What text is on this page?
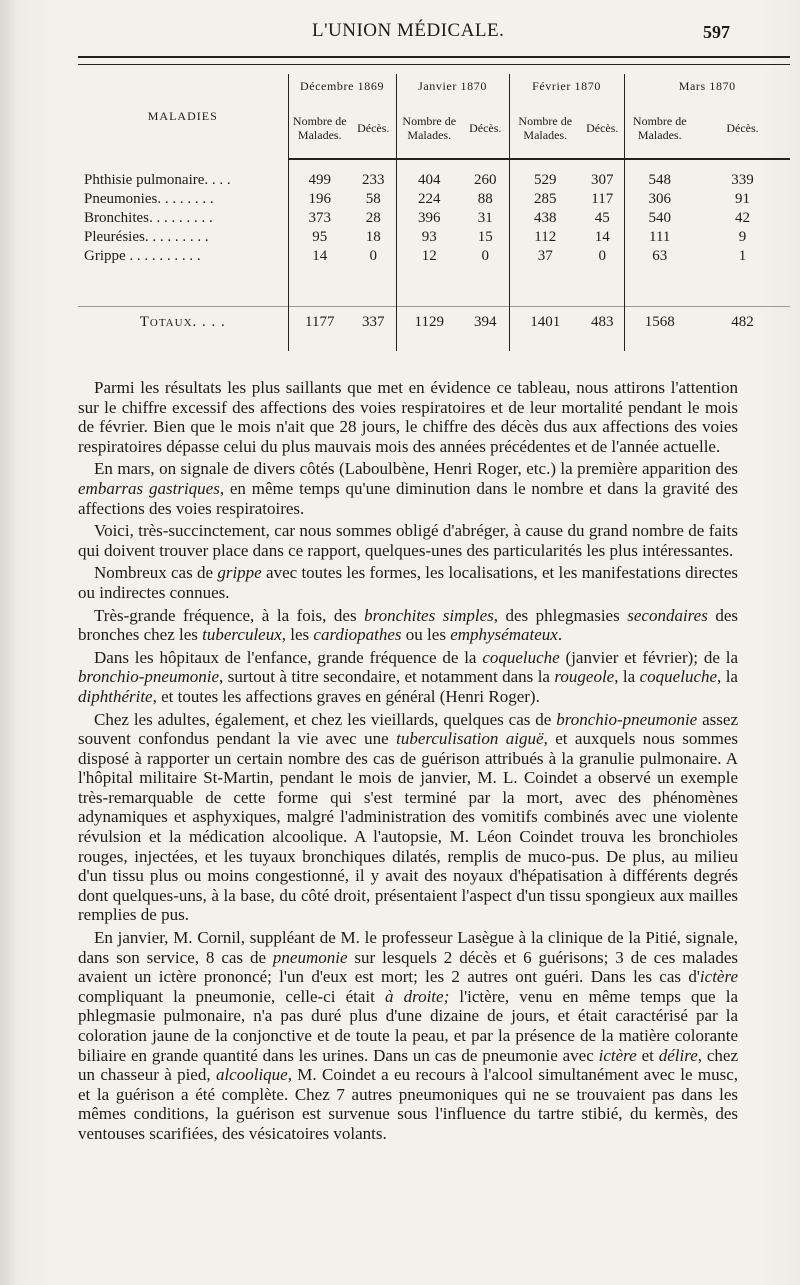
L'UNION MÉDICALE.	597
MALADIES	Décembre 1869		Janvier 1870		Février 1870		Mars 1870	
	Nombre de Malades.	Décès.	Nombre de Malades.	Décès.	Nombre de Malades.	Décès.	Nombre de Malades.	Décès.

Phthisie pulmonaire. . . .	499	233	404	260	529	307	548	339
Pneumonies. . . . . . . .	196	58	224	88	285	117	306	91
Bronchites. . . . . . . . .	373	28	396	31	438	45	540	42
Pleurésies. . . . . . . . .	95	18	93	15	112	14	111	9
Grippe . . . . . . . . . .	14	0	12	0	37	0	63	1

Totaux. . . .	1177	337	1129	394	1401	483	1568	482

Parmi les résultats les plus saillants que met en évidence ce tableau, nous attirons l'attention sur le chiffre excessif des affections des voies respiratoires et de leur mortalité pendant le mois de février. Bien que le mois n'ait que 28 jours, le chiffre des décès dus aux affections des voies respiratoires dépasse celui du plus mauvais mois des années précédentes et de l'année actuelle.

En mars, on signale de divers côtés (Laboulbène, Henri Roger, etc.) la première apparition des embarras gastriques, en même temps qu'une diminution dans le nombre et dans la gravité des affections des voies respiratoires.

Voici, très-succinctement, car nous sommes obligé d'abréger, à cause du grand nombre de faits qui doivent trouver place dans ce rapport, quelques-unes des particularités les plus intéressantes.

Nombreux cas de grippe avec toutes les formes, les localisations, et les manifestations directes ou indirectes connues.

Très-grande fréquence, à la fois, des bronchites simples, des phlegmasies secondaires des bronches chez les tuberculeux, les cardiopathes ou les emphysémateux.

Dans les hôpitaux de l'enfance, grande fréquence de la coqueluche (janvier et février); de la bronchio-pneumonie, surtout à titre secondaire, et notamment dans la rougeole, la coqueluche, la diphthérite, et toutes les affections graves en général (Henri Roger).

Chez les adultes, également, et chez les vieillards, quelques cas de bronchio-pneumonie assez souvent confondus pendant la vie avec une tuberculisation aiguë, et auxquels nous sommes disposé à rapporter un certain nombre des cas de guérison attribués à la granulie pulmonaire. A l'hôpital militaire St-Martin, pendant le mois de janvier, M. L. Coindet a observé un exemple très-remarquable de cette forme qui s'est terminé par la mort, avec des phénomènes adynamiques et asphyxiques, malgré l'administration des vomitifs combinés avec une violente révulsion et la médication alcoolique. A l'autopsie, M. Léon Coindet trouva les bronchioles rouges, injectées, et les tuyaux bronchiques dilatés, remplis de muco-pus. De plus, au milieu d'un tissu plus ou moins congestionné, il y avait des noyaux d'hépatisation à différents degrés dont quelques-uns, à la base, du côté droit, présentaient l'aspect d'un tissu spongieux aux mailles remplies de pus.

En janvier, M. Cornil, suppléant de M. le professeur Lasègue à la clinique de la Pitié, signale, dans son service, 8 cas de pneumonie sur lesquels 2 décès et 6 guérisons; 3 de ces malades avaient un ictère prononcé; l'un d'eux est mort; les 2 autres ont guéri. Dans les cas d'ictère compliquant la pneumonie, celle-ci était à droite; l'ictère, venu en même temps que la phlegmasie pulmonaire, n'a pas duré plus d'une dizaine de jours, et était caractérisé par la coloration jaune de la conjonctive et de toute la peau, et par la présence de la matière colorante biliaire en grande quantité dans les urines. Dans un cas de pneumonie avec ictère et délire, chez un chasseur à pied, alcoolique, M. Coindet a eu recours à l'alcool simultanément avec le musc, et la guérison a été complète. Chez 7 autres pneumoniques qui ne se trouvaient pas dans les mêmes conditions, la guérison est survenue sous l'influence du tartre stibié, du kermès, des ventouses scarifiées, des vésicatoires volants.
